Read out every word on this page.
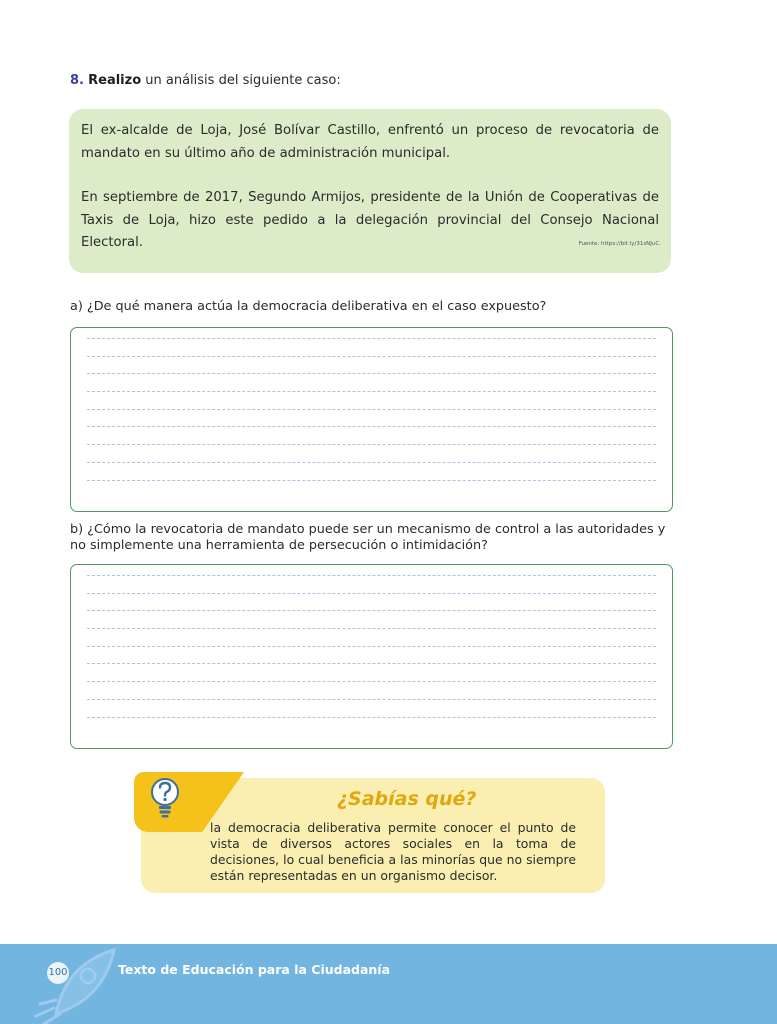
8. Realizo un análisis del siguiente caso:

El ex-alcalde de Loja, José Bolívar Castillo, enfrentó un proceso de revocatoria de mandato en su último año de administración municipal.

En septiembre de 2017, Segundo Armijos, presidente de la Unión de Cooperativas de Taxis de Loja, hizo este pedido a la delegación provincial del Consejo Nacional Electoral.	Fuente: https://bit.ly/31sNJuC.
a) ¿De qué manera actúa la democracia deliberativa en el caso expuesto?
b) ¿Cómo la revocatoria de mandato puede ser un mecanismo de control a las autoridades y no simplemente una herramienta de persecución o intimidación?
¿Sabías qué?
la democracia deliberativa permite conocer el punto de vista de diversos actores sociales en la toma de decisiones, lo cual beneficia a las minorías que no siempre están representadas en un organismo decisor.
100	Texto de Educación para la Ciudadanía
